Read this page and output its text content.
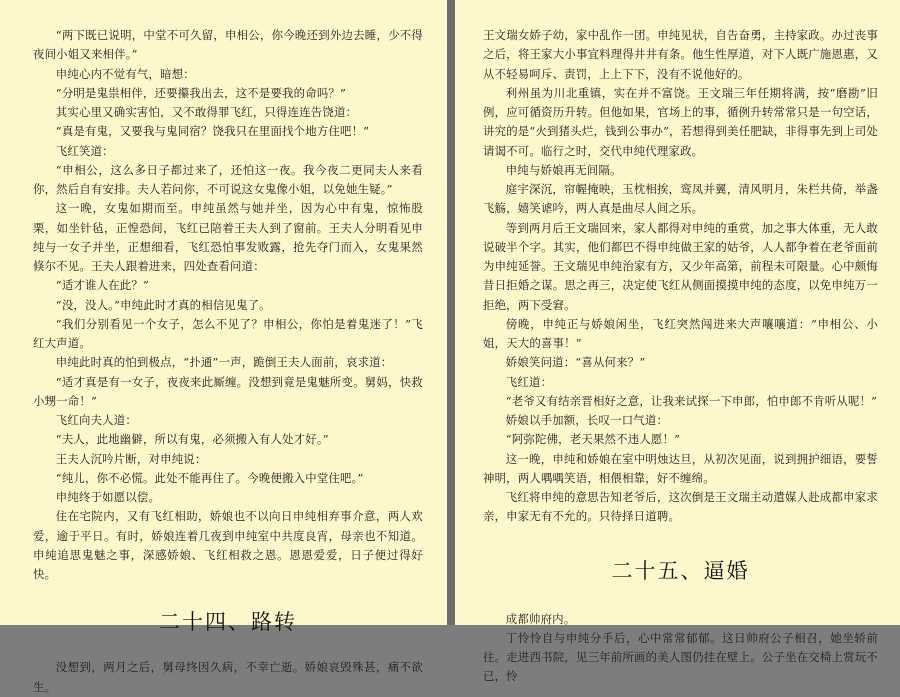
“两下既已说明，中堂不可久留，申相公，你今晚还到外边去睡，少不得夜间小姐又来相伴。”

申纯心内不觉有气，暗想：

“分明是鬼祟相伴，还要攥我出去，这不是要我的命吗？”

其实心里又确实害怕，又不敢得罪飞红，只得连连告饶道：

“真是有鬼，又要我与鬼同宿？饶我只在里面找个地方住吧！”

飞红笑道：

“申相公，这么多日子都过来了，还怕这一夜。我今夜二更同夫人来看你，然后自有安排。夫人若问你，不可说这女鬼像小姐，以免她生疑。”

这一晚，女鬼如期而至。申纯虽然与她并坐，因为心中有鬼，惊怖股栗，如坐针毡，正惶恐间，飞红已陪着王夫人到了窗前。王夫人分明看见申纯与一女子并坐，正想细看，飞红恐怕事发败露，抢先夺门而入，女鬼果然倏尔不见。王夫人跟着进来，四处查看问道：

“适才谁人在此？”

“没，没人。”申纯此时才真的相信见鬼了。

“我们分别看见一个女子，怎么不见了？申相公，你怕是着鬼迷了！”飞红大声道。

申纯此时真的怕到极点，“扑通”一声，跪倒王夫人面前，哀求道：

“适才真是有一女子，夜夜来此厮缠。没想到竟是鬼魅所变。舅妈，快救小甥一命！”

飞红向夫人道：

“夫人，此地幽僻，所以有鬼，必须搬入有人处才好。”

王夫人沉吟片断，对申纯说：

“纯儿，你不必慌。此处不能再住了。今晚便搬入中堂住吧。”

申纯终于如愿以偿。

住在宅院内，又有飞红相助，娇娘也不以向日申纯相弃事介意，两人欢爱，逾于平日。有时，娇娘连着几夜到申纯室中共度良宵，母亲也不知道。申纯追思鬼魅之事，深感娇娘、飞红相救之恩。恩恩爱爱，日子便过得好快。

二十四、路转

没想到，两月之后，舅母终因久病，不幸亡逝。娇娘哀毁殊甚，痛不欲生。

王文瑞女娇子幼，家中乱作一团。申纯见状，自告奋勇，主持家政。办过丧事之后，将王家大小事宜料理得井井有条。他生性厚道，对下人既广施恩惠，又从不轻易呵斥、责罚，上上下下，没有不说他好的。

利州虽为川北重镇，实在并不富饶。王文瑞三年任期将满，按“磨勘”旧例，应可循资历升转。但他如果，官场上的事，循例升转常常只是一句空话，讲究的是“火到猪头烂，钱到公事办”，若想得到美任肥缺，非得事先到上司处请谒不可。临行之时，交代申纯代理家政。

申纯与娇娘再无间隔。

庭宇深沉，帘幄掩映，玉枕相挨，鸾凤并翼，清风明月，朱栏共倚，举盏飞觞，嬉笑谑吟，两人真是曲尽人间之乐。

等到两月后王文瑞回来，家人都得对申纯的重赏，加之事大体重，无人敢说破半个字。其实，他们都巴不得申纯做王家的姑爷，人人都争着在老爷面前为申纯延誉。王文瑞见申纯治家有方，又少年高第，前程未可限量。心中颇悔昔日拒婚之谋。思之再三，决定使飞红从侧面摸摸申纯的态度，以免申纯万一拒绝，两下受窘。

傍晚，申纯正与娇娘闲坐，飞红突然闯进来大声嚷嚷道：“申相公、小姐，天大的喜事！”

娇娘笑问道：“喜从何来？”

飞红道：

“老爷又有结亲晋相好之意，让我来试探一下申郎，怕申郎不肯听从呢！”

娇娘以手加额，长叹一口气道：

“阿弥陀佛，老天果然不违人愿！”

这一晚，申纯和娇娘在室中明烛达旦，从初次见面，说到拥护细语，要誓神明，两人喁喁笑语，相偎相靠，好不缠绵。

飞红将申纯的意思告知老爷后，这次倒是王文瑞主动遣媒人赴成都申家求亲，申家无有不允的。只待择日道聘。

二十五、逼婚

成都帅府内。

丁怜怜自与申纯分手后，心中常常郁郁。这日帅府公子相召，她坐轿前往。走进西书院，见三年前所画的美人图仍挂在壁上。公子坐在交椅上赏玩不已，怜
